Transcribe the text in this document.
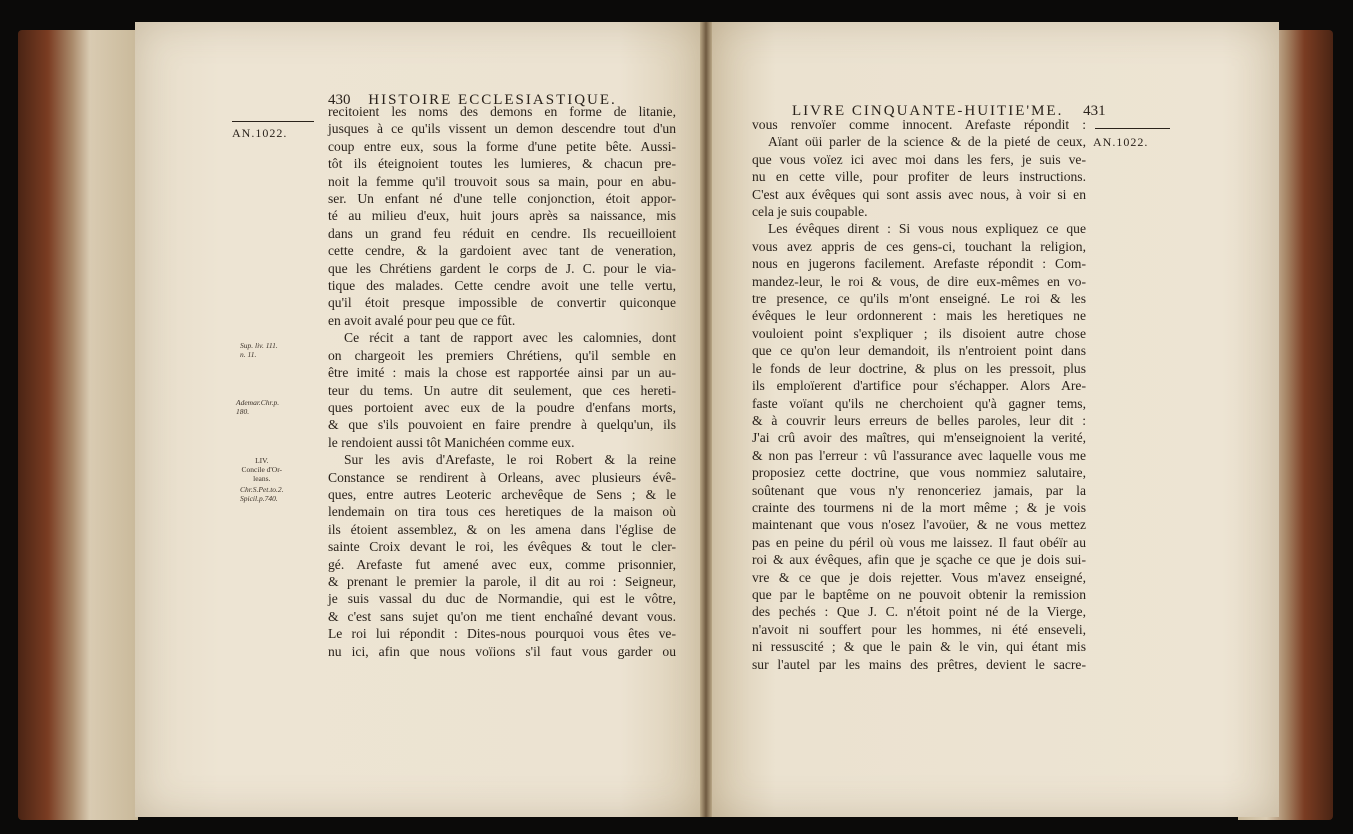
430 HISTOIRE ECCLESIASTIQUE.
AN.1022.
Sup. liv. 111.
n. 11.
Ademar.Chr.p.
180.
LIV.
Concile d'Or-
leans.
Chr.S.Pet.to.2.
Spicil.p.740.
recitoient les noms des demons en forme de litanie,
jusques à ce qu'ils vissent un demon descendre tout d'un
coup entre eux, sous la forme d'une petite bête. Aussi-
tôt ils éteignoient toutes les lumieres, & chacun pre-
noit la femme qu'il trouvoit sous sa main, pour en abu-
ser. Un enfant né d'une telle conjonction, étoit appor-
té au milieu d'eux, huit jours après sa naissance, mis
dans un grand feu réduit en cendre. Ils recueilloient
cette cendre, & la gardoient avec tant de veneration,
que les Chrétiens gardent le corps de J. C. pour le via-
tique des malades. Cette cendre avoit une telle vertu,
qu'il étoit presque impossible de convertir quiconque
en avoit avalé pour peu que ce fût.
Ce récit a tant de rapport avec les calomnies, dont
on chargeoit les premiers Chrétiens, qu'il semble en
être imité : mais la chose est rapportée ainsi par un au-
teur du tems. Un autre dit seulement, que ces hereti-
ques portoient avec eux de la poudre d'enfans morts,
& que s'ils pouvoient en faire prendre à quelqu'un, ils
le rendoient aussi tôt Manichéen comme eux.
Sur les avis d'Arefaste, le roi Robert & la reine
Constance se rendirent à Orleans, avec plusieurs évê-
ques, entre autres Leoteric archevêque de Sens ; & le
lendemain on tira tous ces heretiques de la maison où
ils étoient assemblez, & on les amena dans l'église de
sainte Croix devant le roi, les évêques & tout le cler-
gé. Arefaste fut amené avec eux, comme prisonnier,
& prenant le premier la parole, il dit au roi : Seigneur,
je suis vassal du duc de Normandie, qui est le vôtre,
& c'est sans sujet qu'on me tient enchaîné devant vous.
Le roi lui répondit : Dites-nous pourquoi vous êtes ve-
nu ici, afin que nous voïions s'il faut vous garder ou
LIVRE CINQUANTE-HUITIE'ME. 431
AN.1022.
vous renvoïer comme innocent. Arefaste répondit :
Aïant oüi parler de la science & de la pieté de ceux,
que vous voïez ici avec moi dans les fers, je suis ve-
nu en cette ville, pour profiter de leurs instructions.
C'est aux évêques qui sont assis avec nous, à voir si en
cela je suis coupable.
Les évêques dirent : Si vous nous expliquez ce que
vous avez appris de ces gens-ci, touchant la religion,
nous en jugerons facilement. Arefaste répondit : Com-
mandez-leur, le roi & vous, de dire eux-mêmes en vo-
tre presence, ce qu'ils m'ont enseigné. Le roi & les
évêques le leur ordonnerent : mais les heretiques ne
vouloient point s'expliquer ; ils disoient autre chose
que ce qu'on leur demandoit, ils n'entroient point dans
le fonds de leur doctrine, & plus on les pressoit, plus
ils emploïerent d'artifice pour s'échapper. Alors Are-
faste voïant qu'ils ne cherchoient qu'à gagner tems,
& à couvrir leurs erreurs de belles paroles, leur dit :
J'ai crû avoir des maîtres, qui m'enseignoient la verité,
& non pas l'erreur : vû l'assurance avec laquelle vous me
proposiez cette doctrine, que vous nommiez salutaire,
soûtenant que vous n'y renonceriez jamais, par la
crainte des tourmens ni de la mort même ; & je vois
maintenant que vous n'osez l'avoüer, & ne vous mettez
pas en peine du péril où vous me laissez. Il faut obéïr au
roi & aux évêques, afin que je sçache ce que je dois sui-
vre & ce que je dois rejetter. Vous m'avez enseigné,
que par le baptême on ne pouvoit obtenir la remission
des pechés : Que J. C. n'étoit point né de la Vierge,
n'avoit ni souffert pour les hommes, ni été enseveli,
ni ressuscité ; & que le pain & le vin, qui étant mis
sur l'autel par les mains des prêtres, devient le sacre-
